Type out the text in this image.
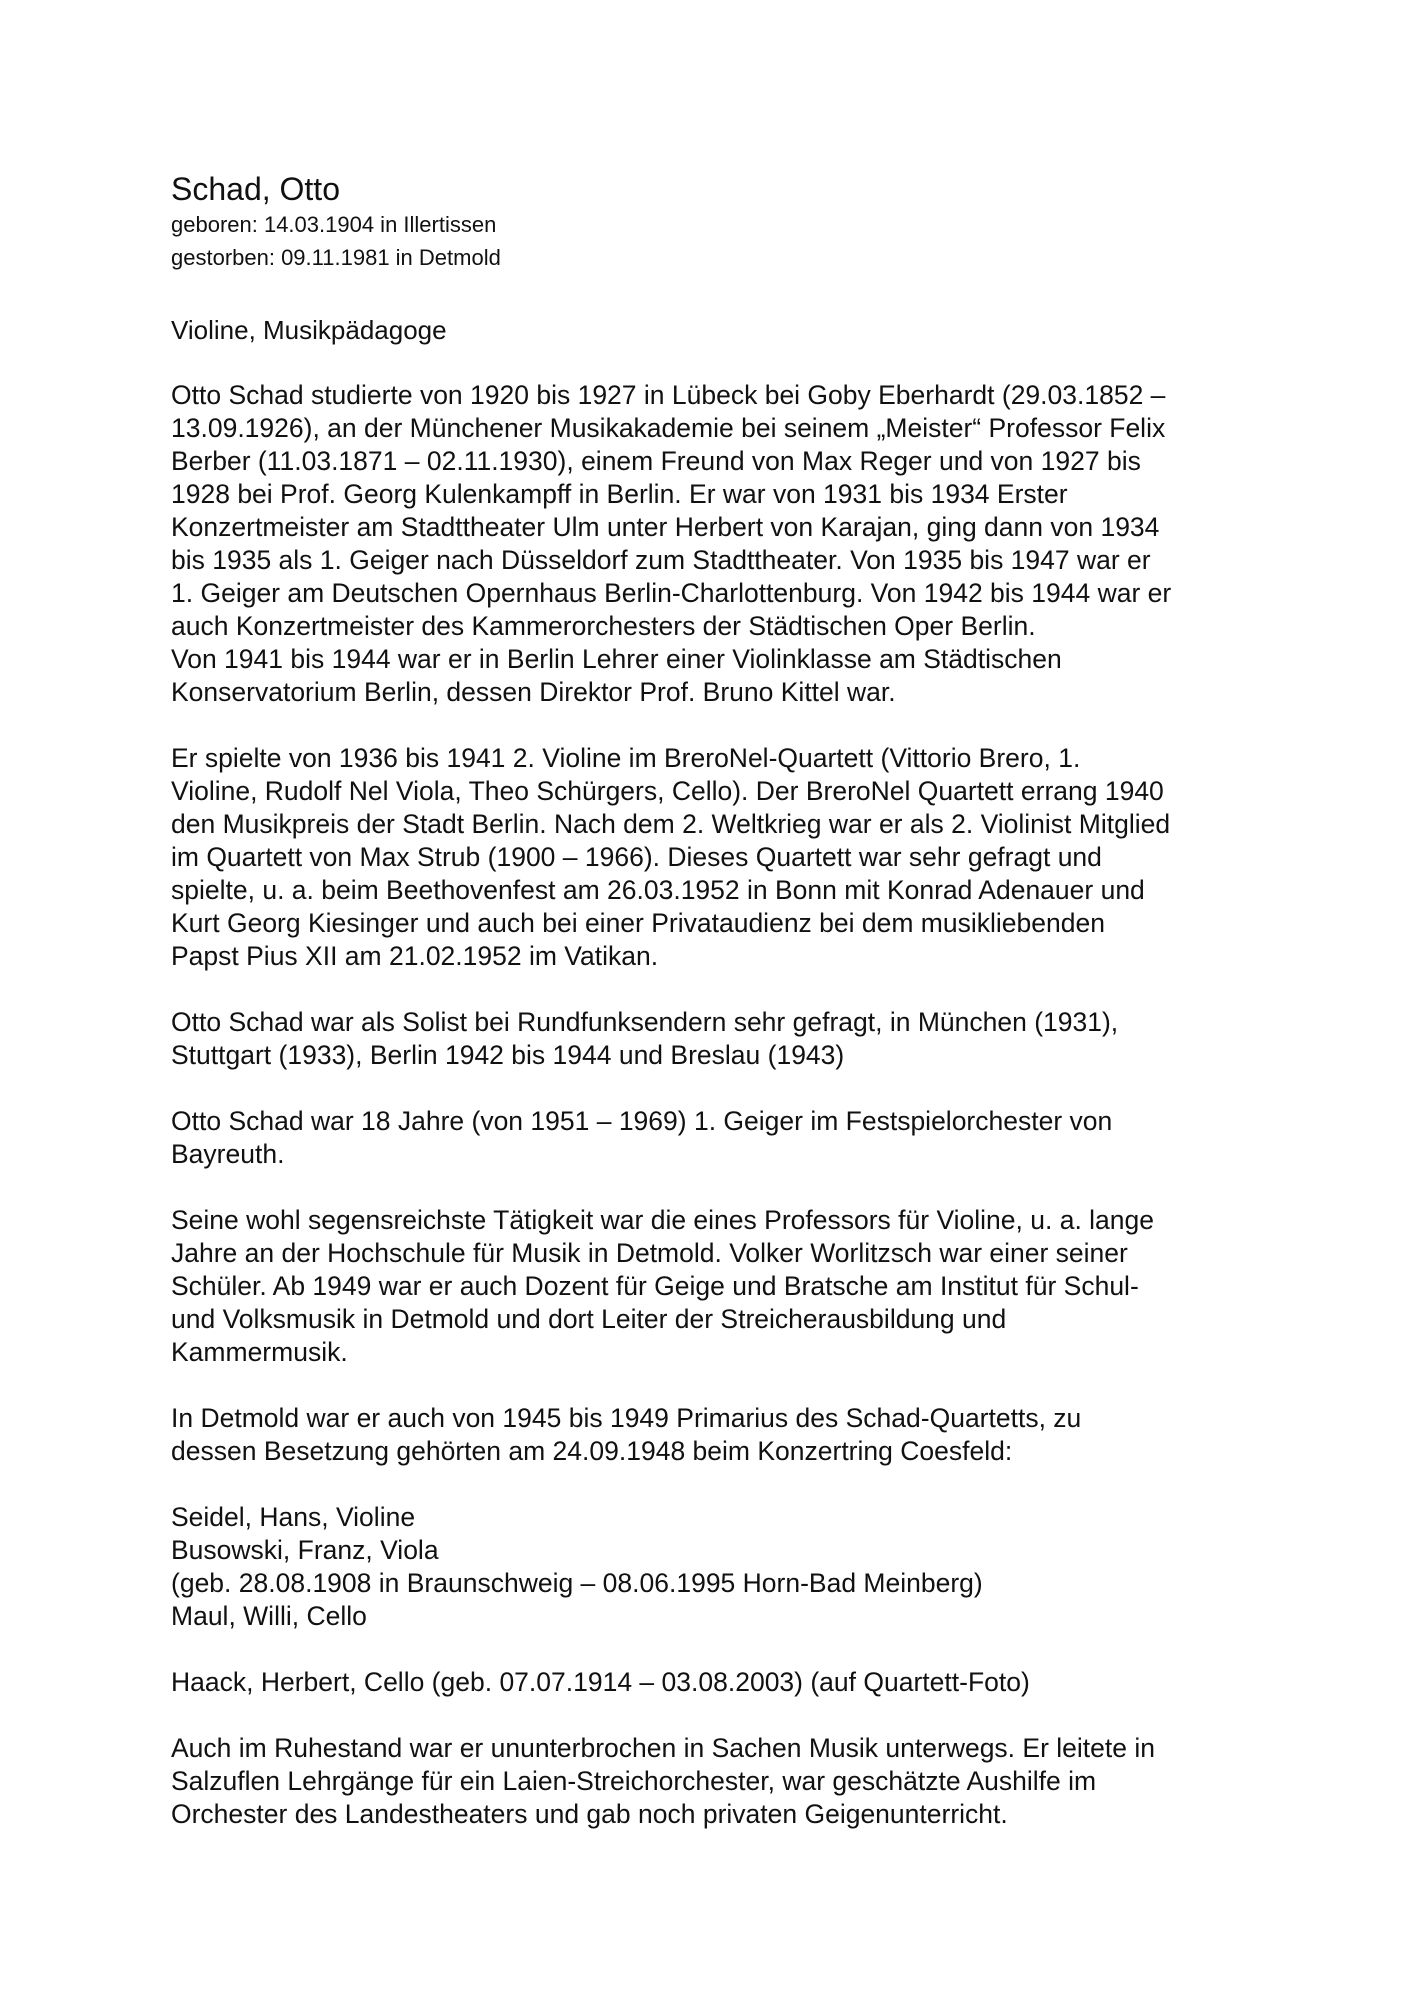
Schad, Otto

geboren: 14.03.1904 in Illertissen

gestorben: 09.11.1981 in Detmold

Violine, Musikpädagoge

Otto Schad studierte von 1920 bis 1927 in Lübeck bei Goby Eberhardt (29.03.1852 –
13.09.1926), an der Münchener Musikakademie bei seinem „Meister“ Professor Felix
Berber (11.03.1871 – 02.11.1930), einem Freund von Max Reger und von 1927 bis
1928 bei Prof. Georg Kulenkampff in Berlin. Er war von 1931 bis 1934 Erster
Konzertmeister am Stadttheater Ulm unter Herbert von Karajan, ging dann von 1934
bis 1935 als 1. Geiger nach Düsseldorf zum Stadttheater. Von 1935 bis 1947 war er
1. Geiger am Deutschen Opernhaus Berlin-Charlottenburg. Von 1942 bis 1944 war er
auch Konzertmeister des Kammerorchesters der Städtischen Oper Berlin.
Von 1941 bis 1944 war er in Berlin Lehrer einer Violinklasse am Städtischen
Konservatorium Berlin, dessen Direktor Prof. Bruno Kittel war.

Er spielte von 1936 bis 1941 2. Violine im BreroNel-Quartett (Vittorio Brero, 1.
Violine, Rudolf Nel Viola, Theo Schürgers, Cello). Der BreroNel Quartett errang 1940
den Musikpreis der Stadt Berlin. Nach dem 2. Weltkrieg war er als 2. Violinist Mitglied
im Quartett von Max Strub (1900 – 1966). Dieses Quartett war sehr gefragt und
spielte, u. a. beim Beethovenfest am 26.03.1952 in Bonn mit Konrad Adenauer und
Kurt Georg Kiesinger und auch bei einer Privataudienz bei dem musikliebenden
Papst Pius XII am 21.02.1952 im Vatikan.

Otto Schad war als Solist bei Rundfunksendern sehr gefragt, in München (1931),
Stuttgart (1933), Berlin 1942 bis 1944 und Breslau (1943)

Otto Schad war 18 Jahre (von 1951 – 1969) 1. Geiger im Festspielorchester von
Bayreuth.

Seine wohl segensreichste Tätigkeit war die eines Professors für Violine, u. a. lange
Jahre an der Hochschule für Musik in Detmold. Volker Worlitzsch war einer seiner
Schüler. Ab 1949 war er auch Dozent für Geige und Bratsche am Institut für Schul-
und Volksmusik in Detmold und dort Leiter der Streicherausbildung und
Kammermusik.

In Detmold war er auch von 1945 bis 1949 Primarius des Schad-Quartetts, zu
dessen Besetzung gehörten am 24.09.1948 beim Konzertring Coesfeld:

Seidel, Hans, Violine
Busowski, Franz, Viola
(geb. 28.08.1908 in Braunschweig – 08.06.1995 Horn-Bad Meinberg)
Maul, Willi, Cello

Haack, Herbert, Cello (geb. 07.07.1914 – 03.08.2003) (auf Quartett-Foto)

Auch im Ruhestand war er ununterbrochen in Sachen Musik unterwegs. Er leitete in
Salzuflen Lehrgänge für ein Laien-Streichorchester, war geschätzte Aushilfe im
Orchester des Landestheaters und gab noch privaten Geigenunterricht.
